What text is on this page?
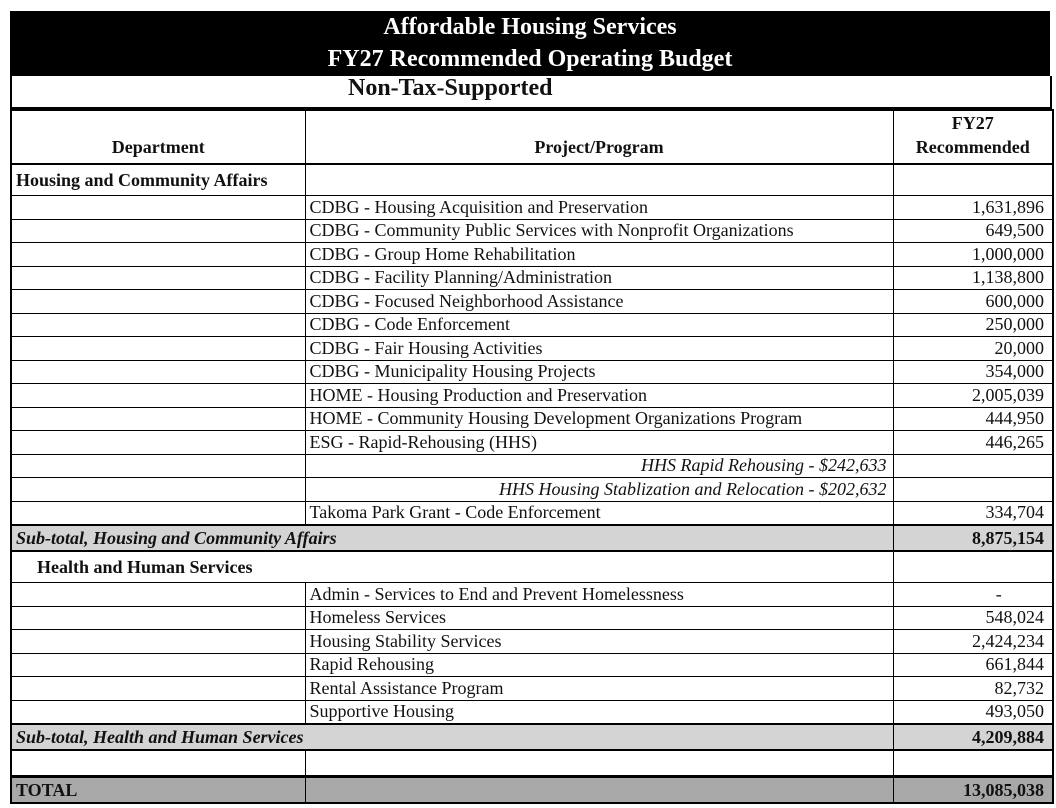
Affordable Housing Services
FY27 Recommended Operating Budget
Non-Tax-Supported
Department	Project/Program	FY27
Recommended

Housing and Community Affairs		
	CDBG - Housing Acquisition and Preservation	1,631,896
	CDBG - Community Public Services with Nonprofit Organizations	649,500
	CDBG - Group Home Rehabilitation	1,000,000
	CDBG - Facility Planning/Administration	1,138,800
	CDBG - Focused Neighborhood Assistance	600,000
	CDBG - Code Enforcement	250,000
	CDBG - Fair Housing Activities	20,000
	CDBG - Municipality Housing Projects	354,000
	HOME - Housing Production and Preservation	2,005,039
	HOME - Community Housing Development Organizations Program	444,950
	ESG - Rapid-Rehousing (HHS)	446,265
	HHS Rapid Rehousing - $242,633	
	HHS Housing Stablization and Relocation - $202,632	
	Takoma Park Grant - Code Enforcement	334,704
Sub-total, Housing and Community Affairs		8,875,154
Health and Human Services		
	Admin - Services to End and Prevent Homelessness	-
	Homeless Services	548,024
	Housing Stability Services	2,424,234
	Rapid Rehousing	661,844
	Rental Assistance Program	82,732
	Supportive Housing	493,050
Sub-total, Health and Human Services		4,209,884

TOTAL		13,085,038
